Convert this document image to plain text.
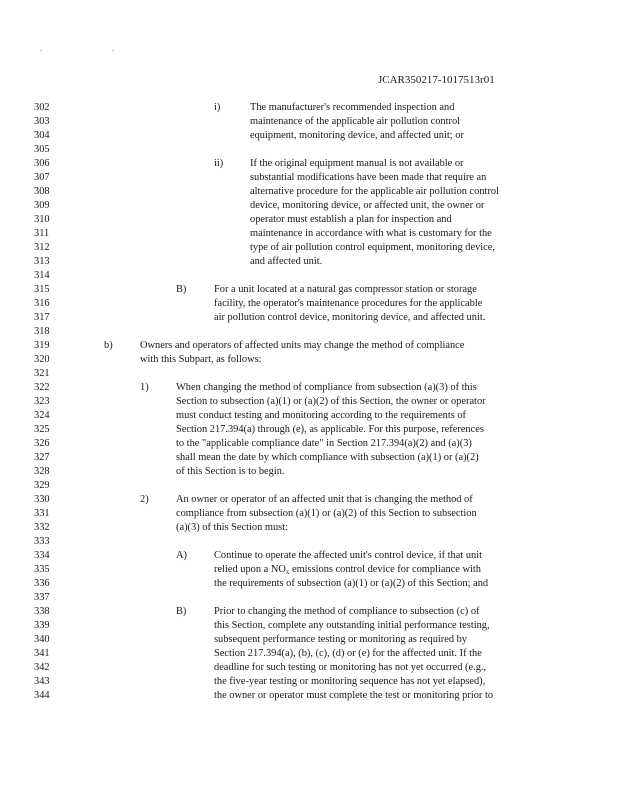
. .
JCAR350217-1017513r01
302
303
304
305
306
307
308
309
310
311
312
313
314
315
316
317
318
319
320
321
322
323
324
325
326
327
328
329
330
331
332
333
334
335
336
337
338
339
340
341
342
343
344
i)
ii)
B)
b)
1)
2)
A)
B)
The manufacturer's recommended inspection and
maintenance of the applicable air pollution control
equipment, monitoring device, and affected unit; or
If the original equipment manual is not available or
substantial modifications have been made that require an
alternative procedure for the applicable air pollution control
device, monitoring device, or affected unit, the owner or
operator must establish a plan for inspection and
maintenance in accordance with what is customary for the
type of air pollution control equipment, monitoring device,
and affected unit.
For a unit located at a natural gas compressor station or storage
facility, the operator's maintenance procedures for the applicable
air pollution control device, monitoring device, and affected unit.
Owners and operators of affected units may change the method of compliance
with this Subpart, as follows:
When changing the method of compliance from subsection (a)(3) of this
Section to subsection (a)(1) or (a)(2) of this Section, the owner or operator
must conduct testing and monitoring according to the requirements of
Section 217.394(a) through (e), as applicable. For this purpose, references
to the "applicable compliance date" in Section 217.394(a)(2) and (a)(3)
shall mean the date by which compliance with subsection (a)(1) or (a)(2)
of this Section is to begin.
An owner or operator of an affected unit that is changing the method of
compliance from subsection (a)(1) or (a)(2) of this Section to subsection
(a)(3) of this Section must:
Continue to operate the affected unit's control device, if that unit
relied upon a $NO_x$ emissions control device for compliance with
the requirements of subsection (a)(1) or (a)(2) of this Section; and
Prior to changing the method of compliance to subsection (c) of
this Section, complete any outstanding initial performance testing,
subsequent performance testing or monitoring as required by
Section 217.394(a), (b), (c), (d) or (e) for the affected unit. If the
deadline for such testing or monitoring has not yet occurred (e.g.,
the five-year testing or monitoring sequence has not yet elapsed),
the owner or operator must complete the test or monitoring prior to
